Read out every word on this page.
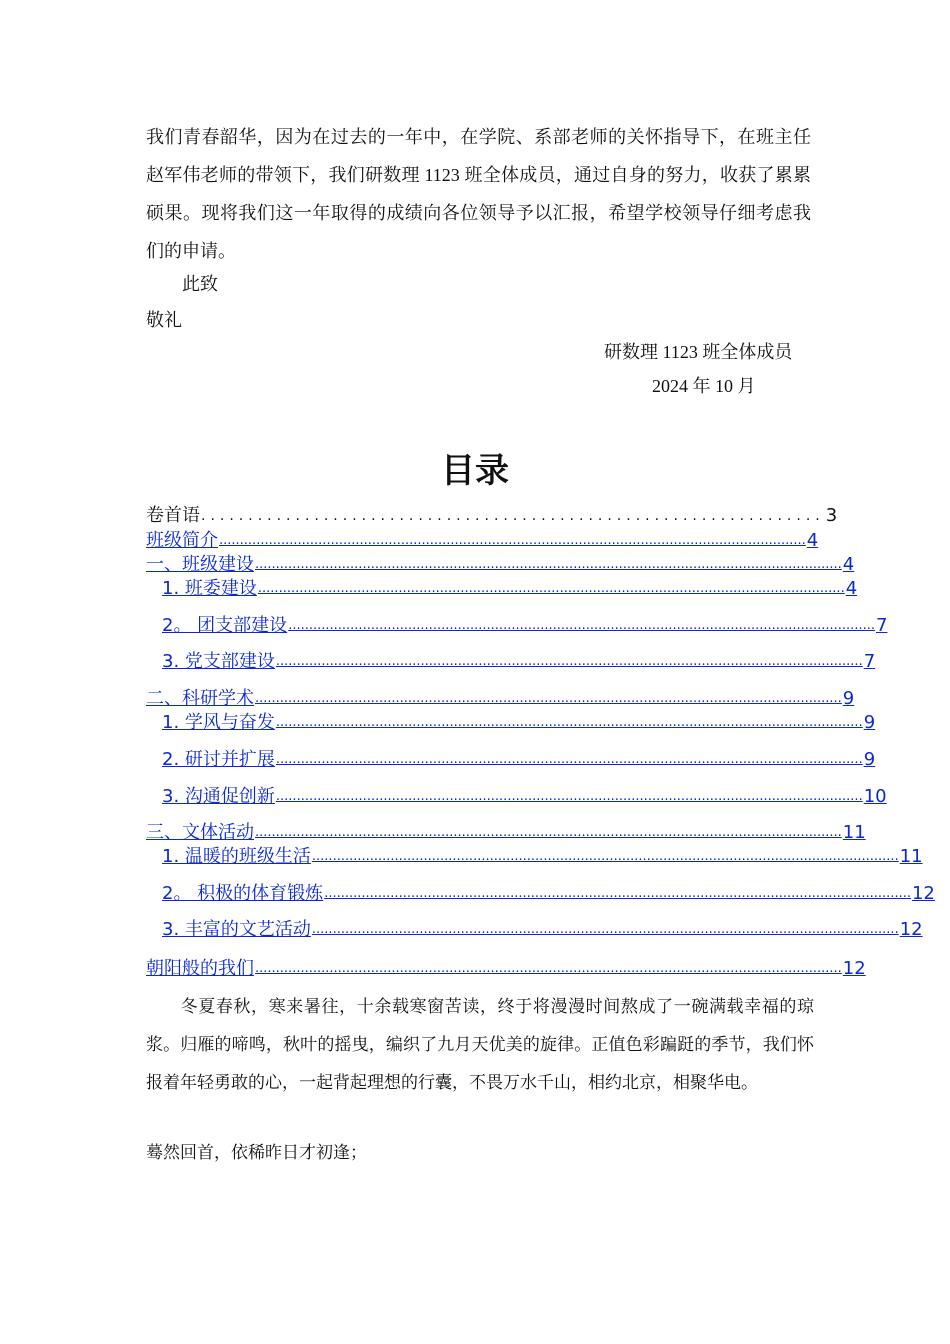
我们青春韶华，因为在过去的一年中，在学院、系部老师的关怀指导下，在班主任赵军伟老师的带领下，我们研数理 1123 班全体成员，通过自身的努力，收获了累累硕果。现将我们这一年取得的成绩向各位领导予以汇报，希望学校领导仔细考虑我们的申请。

此致
敬礼
研数理 1123 班全体成员
2024 年 10 月
目录
卷首语 .................................................................. 3
班级简介 .............................................................................................................................................. 4
一、班级建设 .............................................................................................................................................. 4
1. 班委建设 .............................................................................................................................................. 4
2。 团支部建设 .............................................................................................................................................. 7
3. 党支部建设 .............................................................................................................................................. 7
二、科研学术 .............................................................................................................................................. 9
1. 学风与奋发 .............................................................................................................................................. 9
2. 研讨并扩展 .............................................................................................................................................. 9
3. 沟通促创新 .............................................................................................................................................. 10
三、文体活动 .............................................................................................................................................. 11
1. 温暖的班级生活 .............................................................................................................................................. 11
2。 积极的体育锻炼 .............................................................................................................................................. 12
3. 丰富的文艺活动 .............................................................................................................................................. 12
朝阳般的我们 .............................................................................................................................................. 12
冬夏春秋，寒来暑往，十余载寒窗苦读，终于将漫漫时间熬成了一碗满载幸福的琼浆。归雁的啼鸣，秋叶的摇曳，编织了九月天优美的旋律。正值色彩蹁跹的季节，我们怀报着年轻勇敢的心，一起背起理想的行囊，不畏万水千山，相约北京，相聚华电。
蓦然回首，依稀昨日才初逢；
